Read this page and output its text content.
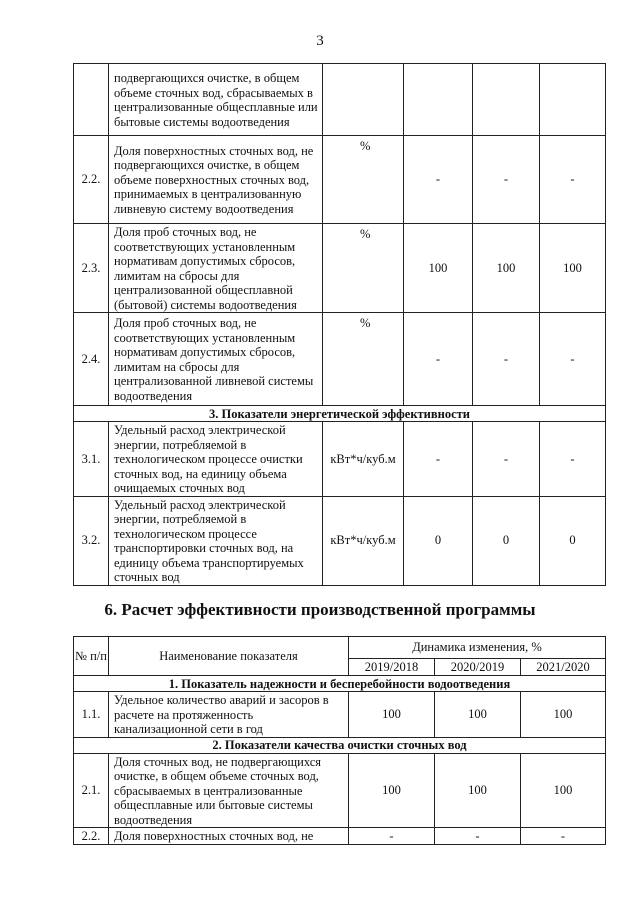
3
	подвергающихся очистке, в общем объеме сточных вод, сбрасываемых в централизованные общесплавные или бытовые системы водоотведения				
2.2.	Доля поверхностных сточных вод, не подвергающихся очистке, в общем объеме поверхностных сточных вод, принимаемых в централизованную ливневую систему водоотведения	%	-	-	-
2.3.	Доля проб сточных вод, не соответствующих установленным нормативам допустимых сбросов, лимитам на сбросы для централизованной общесплавной (бытовой) системы водоотведения	%	100	100	100
2.4.	Доля проб сточных вод, не соответствующих установленным нормативам допустимых сбросов, лимитам на сбросы для централизованной ливневой системы водоотведения	%	-	-	-
3. Показатели энергетической эффективности					
3.1.	Удельный расход электрической энергии, потребляемой в технологическом процессе очистки сточных вод, на единицу объема очищаемых сточных вод	кВт*ч/куб.м	-	-	-
3.2.	Удельный расход электрической энергии, потребляемой в технологическом процессе транспортировки сточных вод, на единицу объема транспортируемых сточных вод	кВт*ч/куб.м	0	0	0
6. Расчет эффективности производственной программы
№ п/п	Наименование показателя	Динамика изменения, %		
		2019/2018	2020/2019	2021/2020
1. Показатель надежности и бесперебойности водоотведения				
1.1.	Удельное количество аварий и засоров в расчете на протяженность канализационной сети в год	100	100	100
2. Показатели качества очистки сточных вод				
2.1.	Доля сточных вод, не подвергающихся очистке, в общем объеме сточных вод, сбрасываемых в централизованные общесплавные или бытовые системы водоотведения	100	100	100
2.2.	Доля поверхностных сточных вод, не	-	-	-
